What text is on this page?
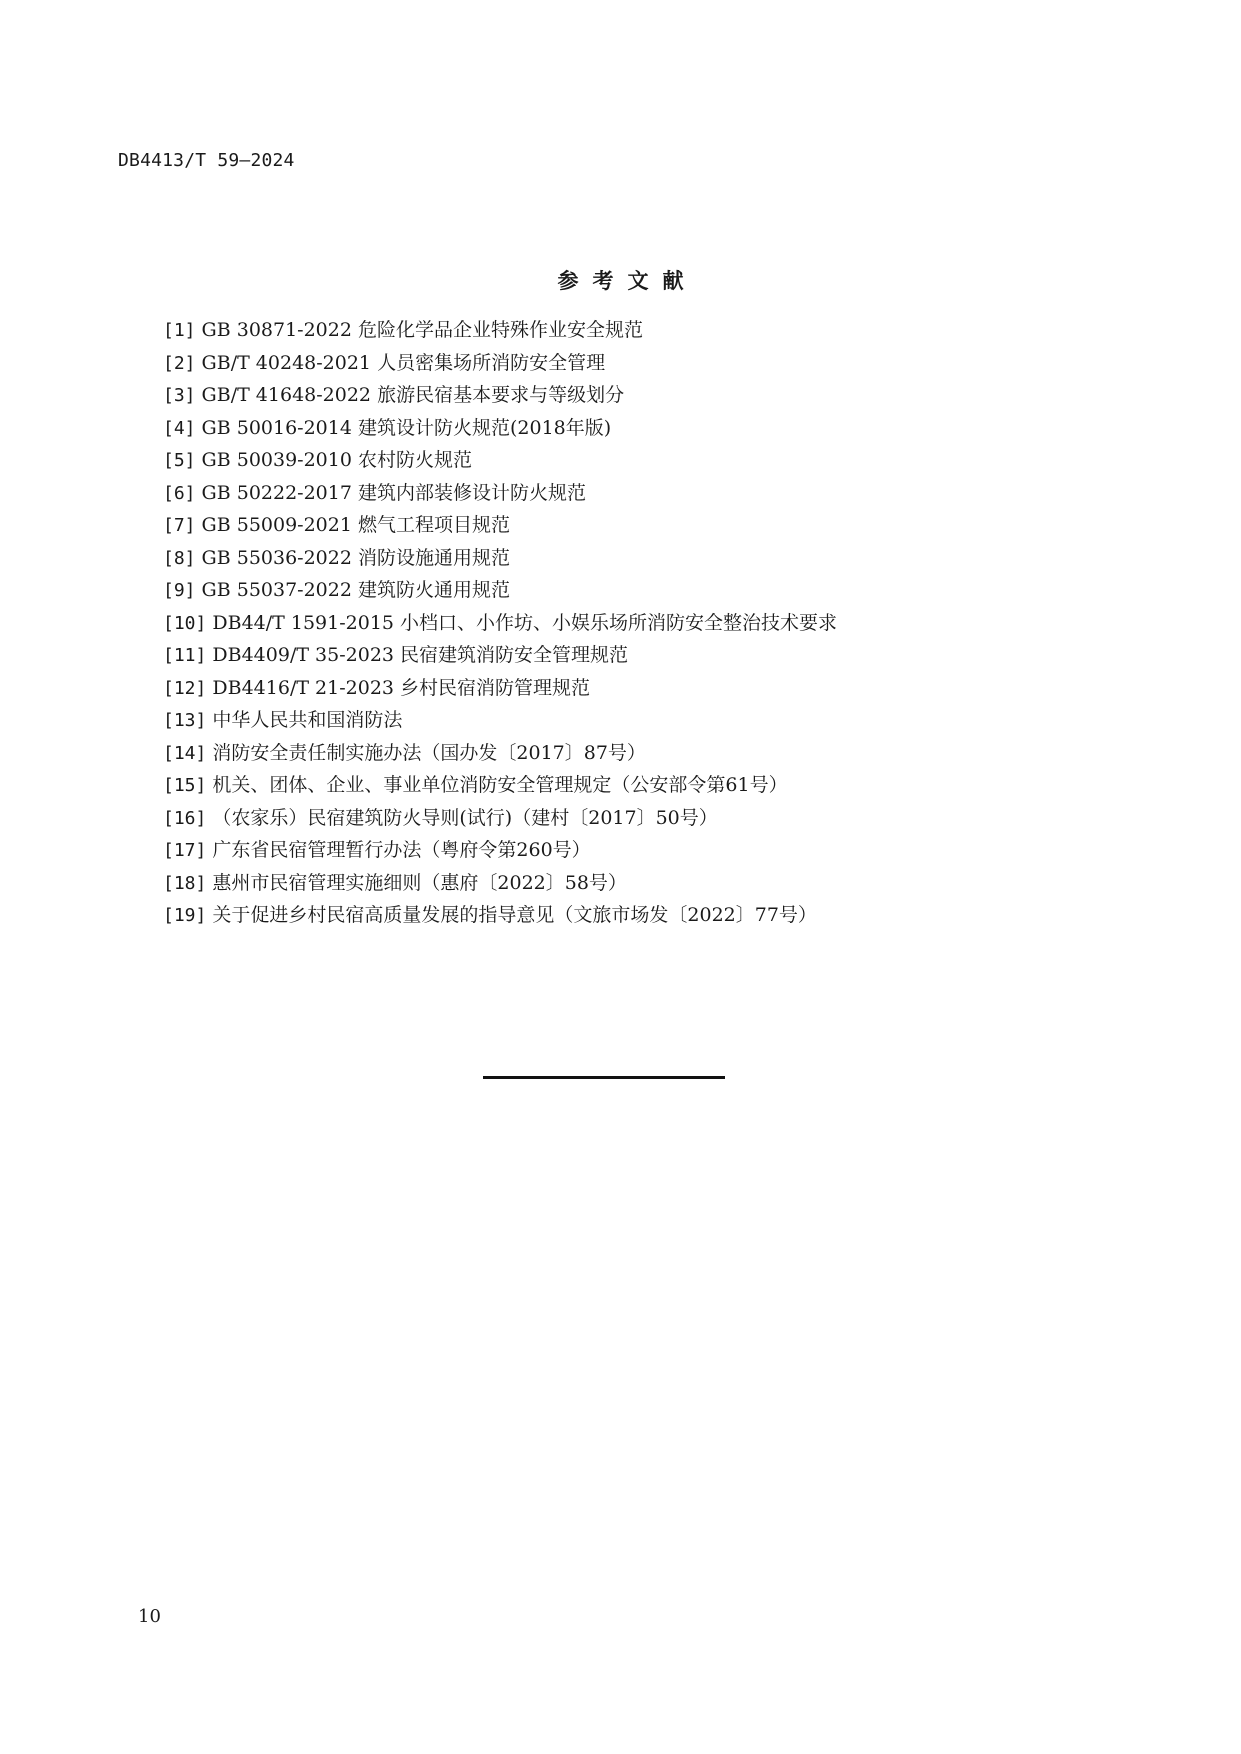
DB4413/T 59—2024
参考文献
[1] GB 30871-2022 危险化学品企业特殊作业安全规范
[2] GB/T 40248-2021 人员密集场所消防安全管理
[3] GB/T 41648-2022 旅游民宿基本要求与等级划分
[4] GB 50016-2014 建筑设计防火规范(2018年版)
[5] GB 50039-2010 农村防火规范
[6] GB 50222-2017 建筑内部装修设计防火规范
[7] GB 55009-2021 燃气工程项目规范
[8] GB 55036-2022 消防设施通用规范
[9] GB 55037-2022 建筑防火通用规范
[10] DB44/T 1591-2015 小档口、小作坊、小娱乐场所消防安全整治技术要求
[11] DB4409/T 35-2023 民宿建筑消防安全管理规范
[12] DB4416/T 21-2023 乡村民宿消防管理规范
[13] 中华人民共和国消防法
[14] 消防安全责任制实施办法（国办发〔2017〕87号）
[15] 机关、团体、企业、事业单位消防安全管理规定（公安部令第61号）
[16] （农家乐）民宿建筑防火导则(试行)（建村〔2017〕50号）
[17] 广东省民宿管理暂行办法（粤府令第260号）
[18] 惠州市民宿管理实施细则（惠府〔2022〕58号）
[19] 关于促进乡村民宿高质量发展的指导意见（文旅市场发〔2022〕77号）
10
